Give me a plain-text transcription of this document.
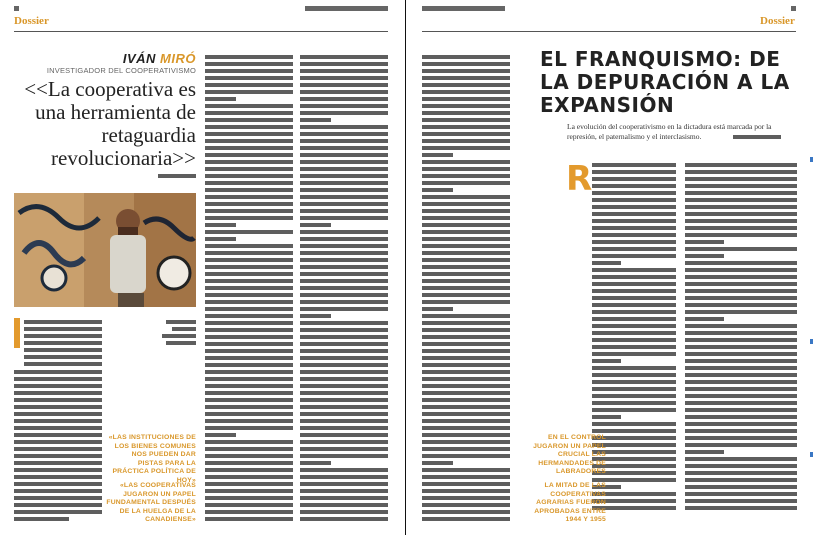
Dossier
IVÁN MIRÓ
INVESTIGADOR DEL COOPERATIVISMO
<<La cooperativa es una herramienta de retaguardia revolucionaria>>
«LAS INSTITUCIONES DE LOS BIENES COMUNES NOS PUEDEN DAR PISTAS PARA LA PRÁCTICA POLÍTICA DE HOY»
«LAS COOPERATIVAS JUGARON UN PAPEL FUNDAMENTAL DESPUÉS DE LA HUELGA DE LA CANADIENSE»
Dossier
EL FRANQUISMO: DE LA DEPURACIÓN A LA EXPANSIÓN
La evolución del cooperativismo en la dictadura está marcada por la represión, el paternalismo y el interclasismo.
R
EN EL CONTROL JUGARON UN PAPEL CRUCIAL LAS HERMANDADES DE LABRADORES
LA MITAD DE LAS COOPERATIVAS AGRARIAS FUERON APROBADAS ENTRE 1944 Y 1955
